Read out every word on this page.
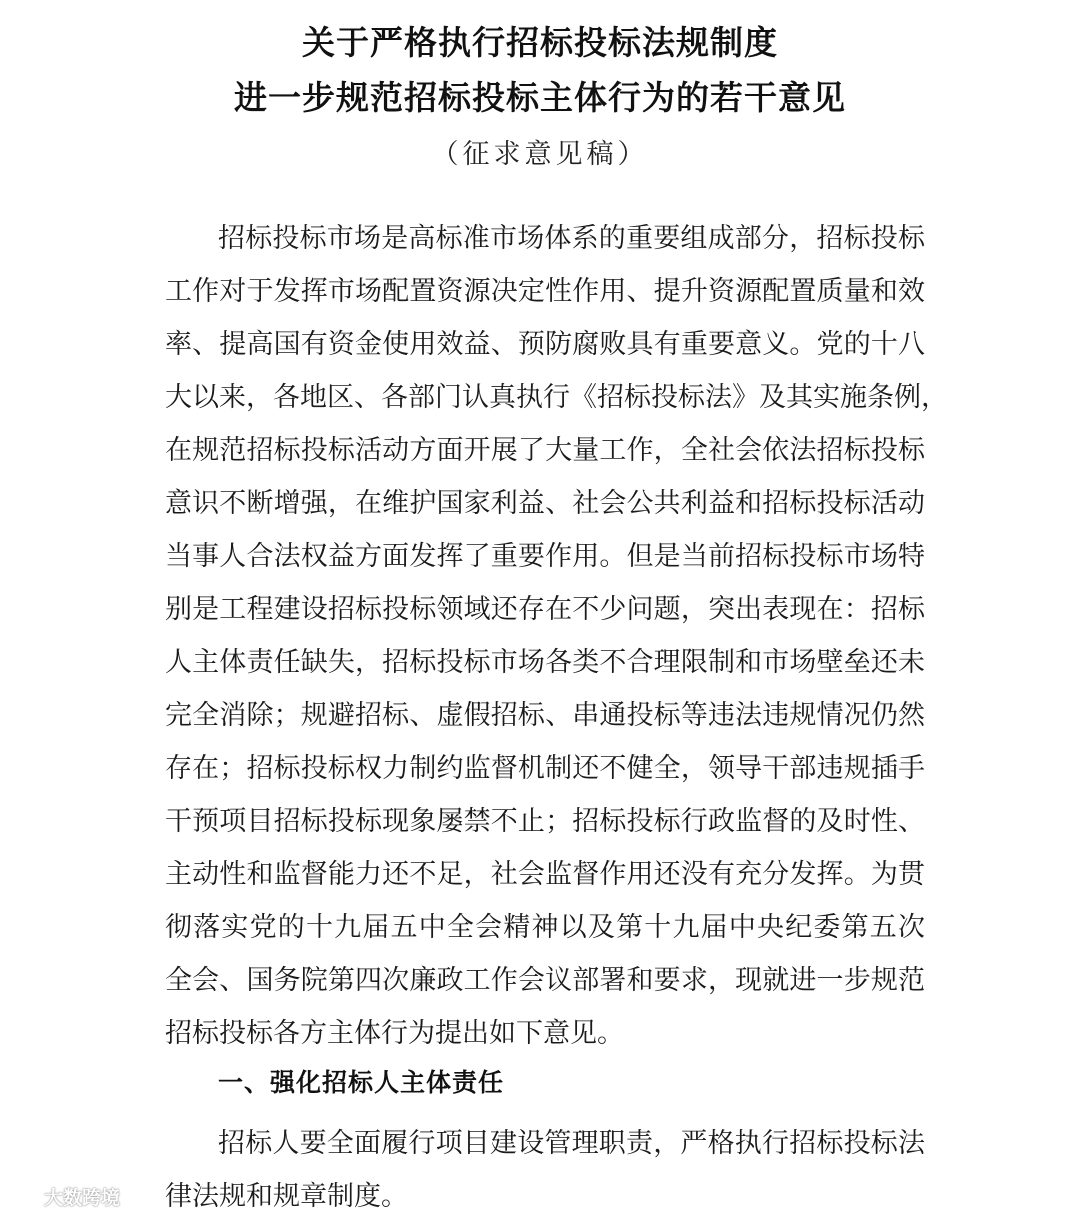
关于严格执行招标投标法规制度
进一步规范招标投标主体行为的若干意见
（征求意见稿）
招标投标市场是高标准市场体系的重要组成部分，招标投标
工作对于发挥市场配置资源决定性作用、提升资源配置质量和效
率、提高国有资金使用效益、预防腐败具有重要意义。党的十八
大以来，各地区、各部门认真执行《招标投标法》及其实施条例，
在规范招标投标活动方面开展了大量工作，全社会依法招标投标
意识不断增强，在维护国家利益、社会公共利益和招标投标活动
当事人合法权益方面发挥了重要作用。但是当前招标投标市场特
别是工程建设招标投标领域还存在不少问题，突出表现在：招标
人主体责任缺失，招标投标市场各类不合理限制和市场壁垒还未
完全消除；规避招标、虚假招标、串通投标等违法违规情况仍然
存在；招标投标权力制约监督机制还不健全，领导干部违规插手
干预项目招标投标现象屡禁不止；招标投标行政监督的及时性、
主动性和监督能力还不足，社会监督作用还没有充分发挥。为贯
彻落实党的十九届五中全会精神以及第十九届中央纪委第五次
全会、国务院第四次廉政工作会议部署和要求，现就进一步规范
招标投标各方主体行为提出如下意见。
一、强化招标人主体责任
招标人要全面履行项目建设管理职责，严格执行招标投标法
律法规和规章制度。
大数跨境
